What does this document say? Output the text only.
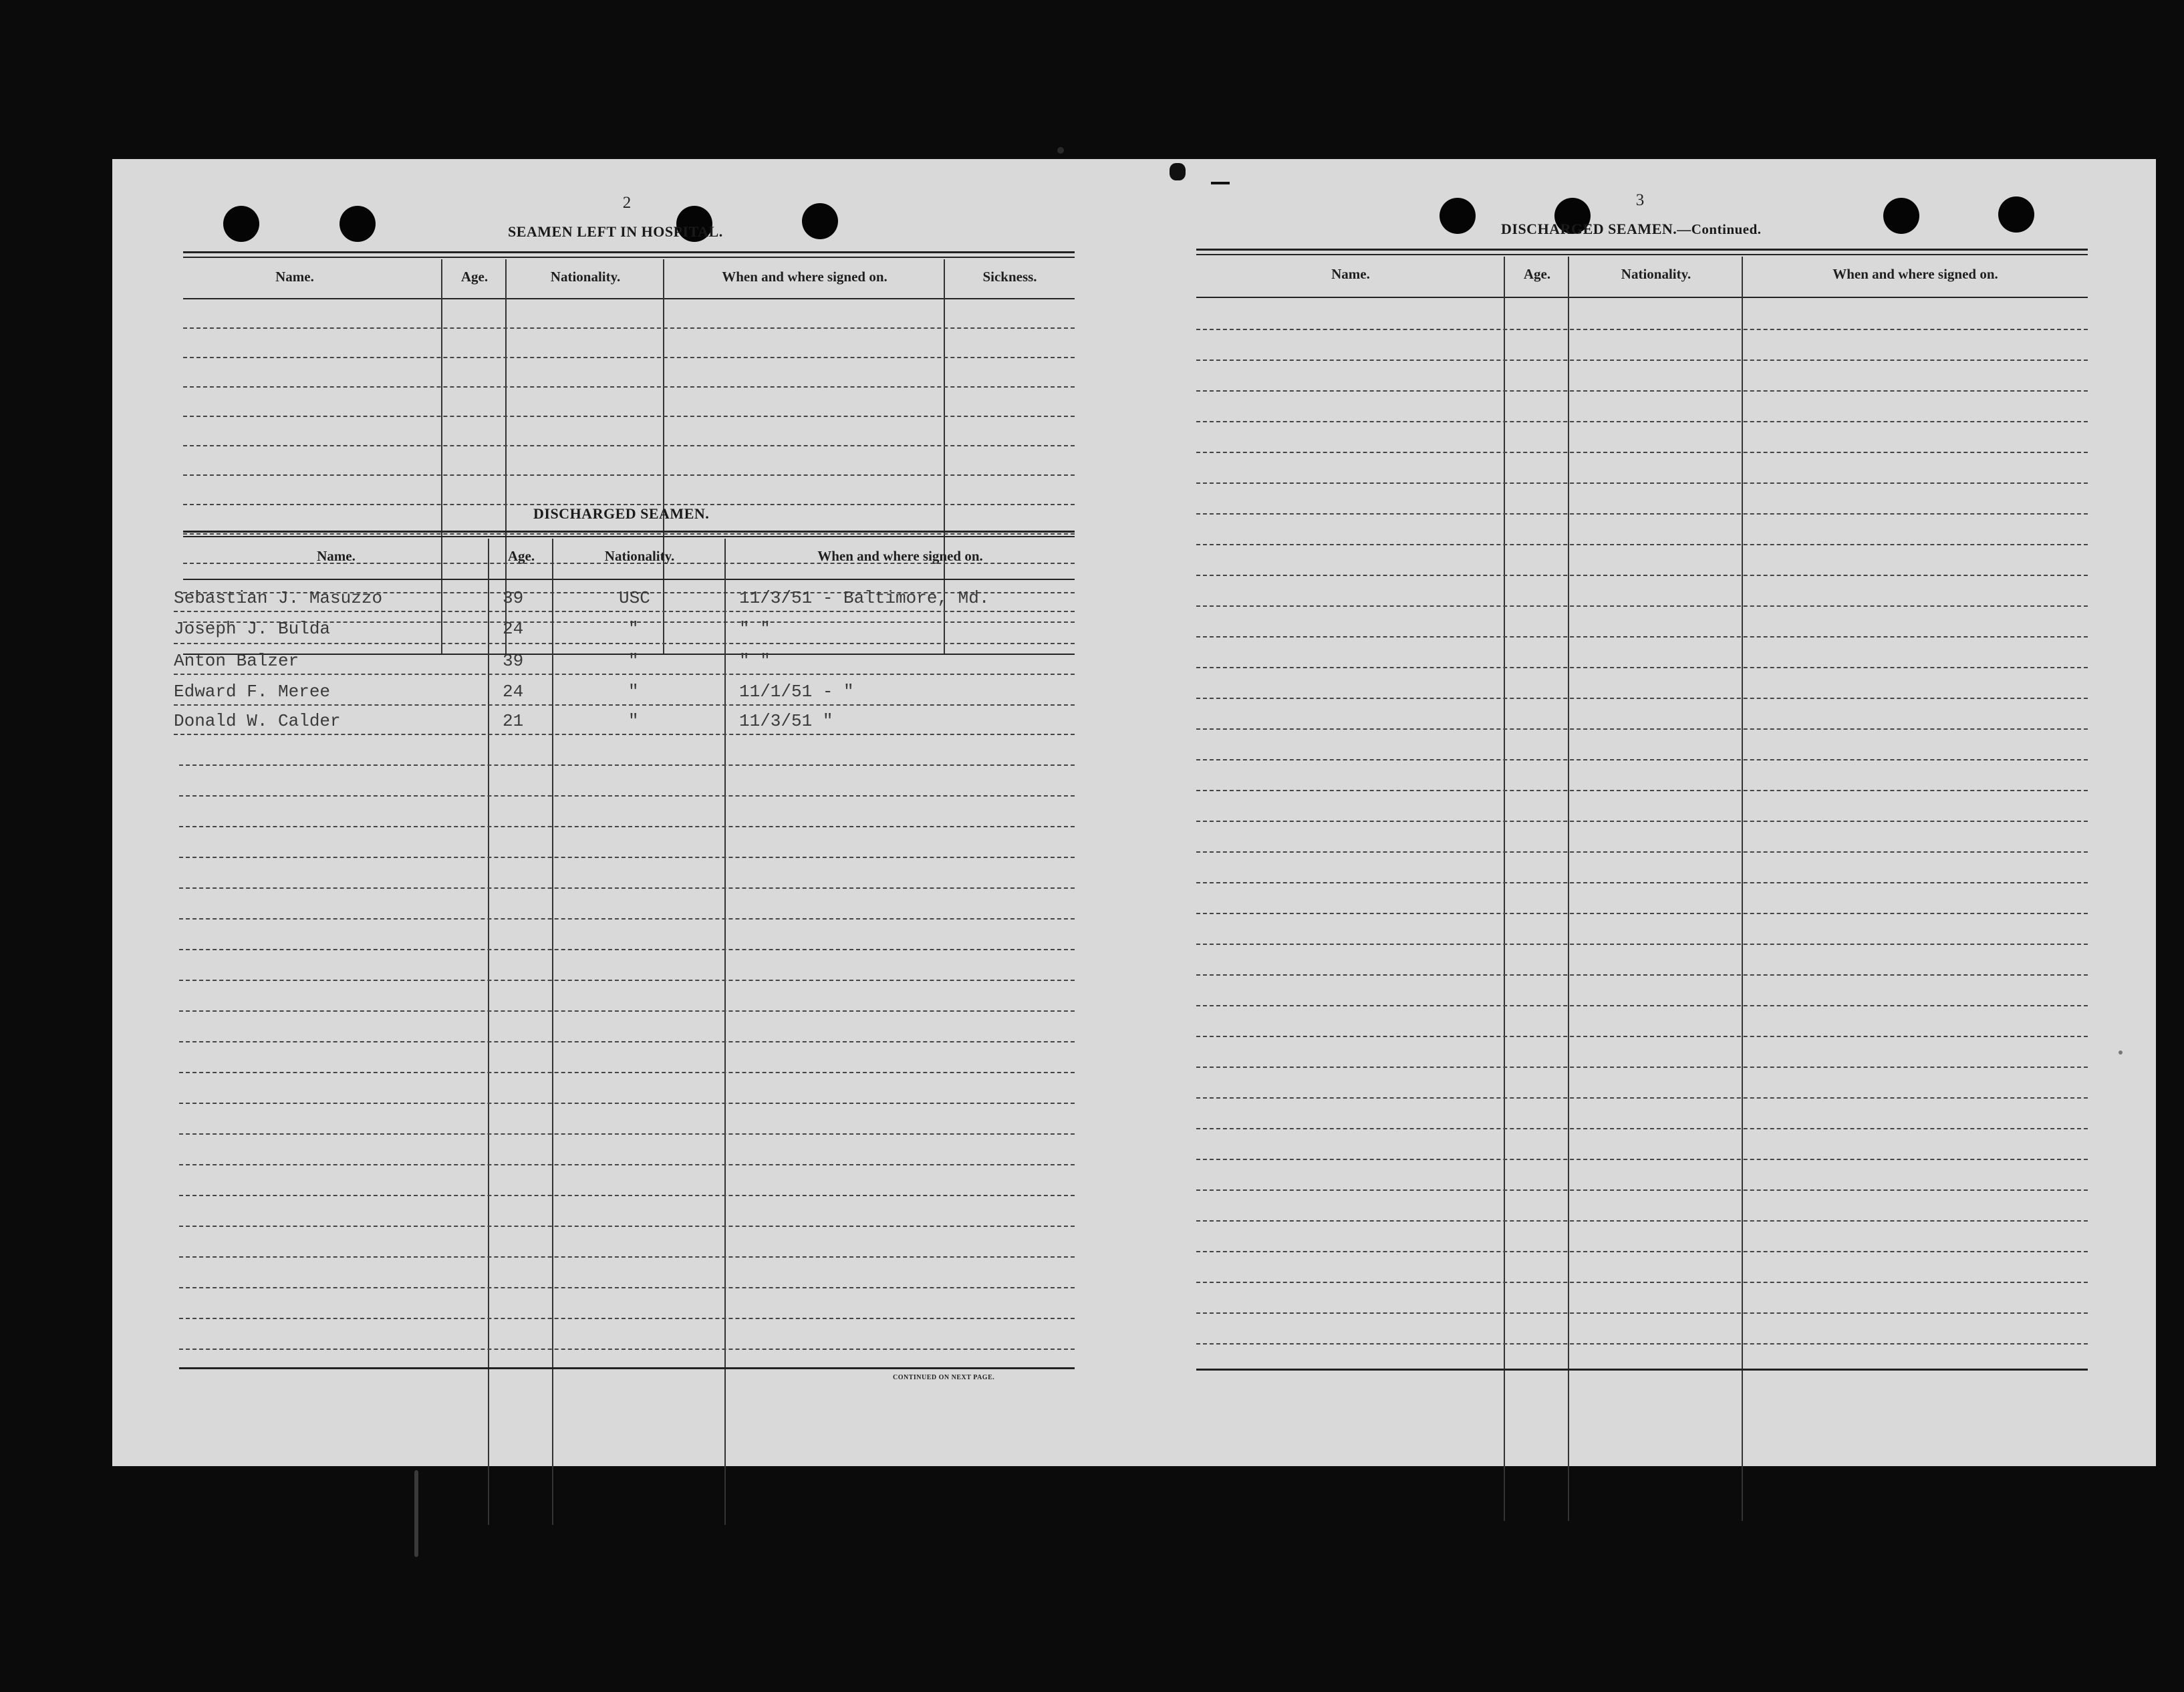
2
SEAMEN LEFT IN HOSPITAL.
Name.	Age.	Nationality.	When and where signed on.	Sickness.
DISCHARGED SEAMEN.
Name.	Age.	Nationality.	When and where signed on.
Sebastian J. Masuzzo	39	USC	11/3/51 - Baltimore, Md.
Joseph J. Bulda	24	"	" "
Anton Balzer	39	"	" "
Edward F. Meree	24	"	11/1/51 - "
Donald W. Calder	21	"	11/3/51 "
CONTINUED ON NEXT PAGE.
3
DISCHARGED SEAMEN.—Continued.
Name.	Age.	Nationality.	When and where signed on.
